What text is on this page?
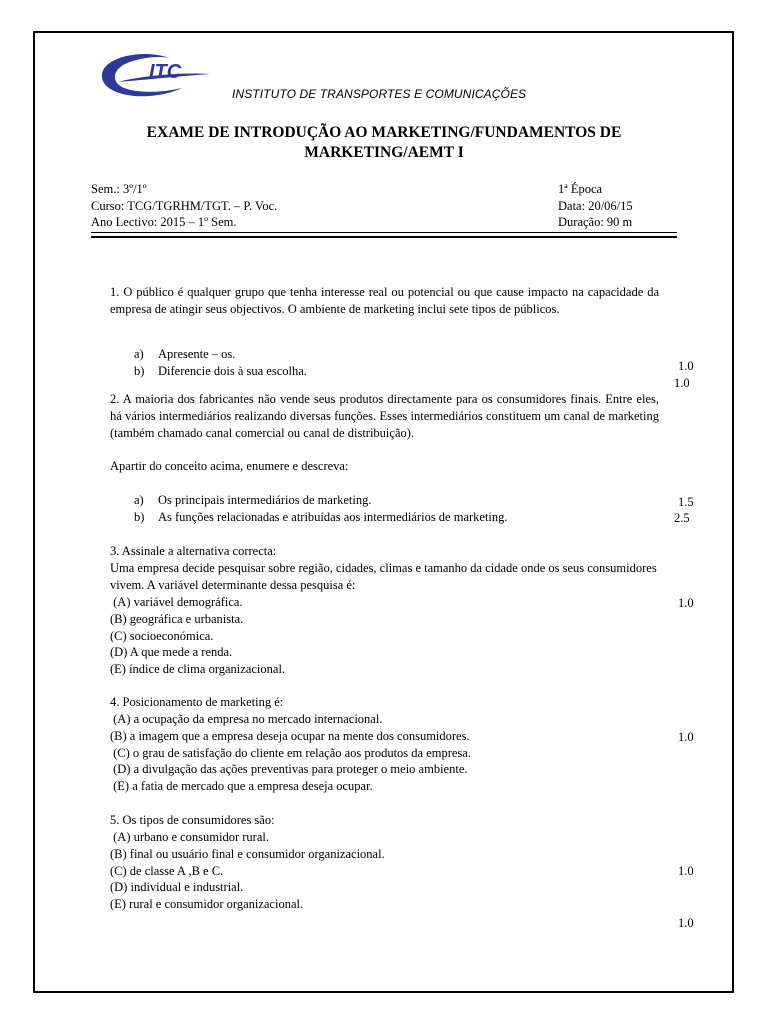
ITC
INSTITUTO DE TRANSPORTES E COMUNICAÇÕES
EXAME DE INTRODUÇÃO AO MARKETING/FUNDAMENTOS DE
MARKETING/AEMT I
Sem.: 3º/1º
Curso: TCG/TGRHM/TGT. – P. Voc.
Ano Lectivo: 2015 – 1º Sem.
1ª Época
Data: 20/06/15
Duração: 90 m
1. O público é qualquer grupo que tenha interesse real ou potencial ou que cause impacto na capacidade da empresa de atingir seus objectivos. O ambiente de marketing inclui sete tipos de públicos.
a) Apresente – os.
b) Diferencie dois à sua escolha.	1.0
1.0
2. A maioria dos fabricantes não vende seus produtos directamente para os consumidores finais. Entre eles, há vários intermediários realizando diversas funções. Esses intermediários constituem um canal de marketing (também chamado canal comercial ou canal de distribuição).
Apartir do conceito acima, enumere e descreva:
a) Os principais intermediários de marketing.
b) As funções relacionadas e atribuídas aos intermediários de marketing.
1.5
2.5
3. Assinale a alternativa correcta:
Uma empresa decide pesquisar sobre região, cidades, climas e tamanho da cidade onde os seus consumidores vivem. A variável determinante dessa pesquisa é:
(A) variável demográfica.
(B) geográfica e urbanista.
(C) socioeconómica.
(D) A que mede a renda.
(E) índice de clima organizacional.
1.0
4. Posicionamento de marketing é:
(A) a ocupação da empresa no mercado internacional.
(B) a imagem que a empresa deseja ocupar na mente dos consumidores.
(C) o grau de satisfação do cliente em relação aos produtos da empresa.
(D) a divulgação das ações preventivas para proteger o meio ambiente.
(E) a fatia de mercado que a empresa deseja ocupar.
1.0
5. Os tipos de consumidores são:
(A) urbano e consumidor rural.
(B) final ou usuário final e consumidor organizacional.
(C) de classe A ,B e C.
(D) individual e industrial.
(E) rural e consumidor organizacional.
1.0
1.0
